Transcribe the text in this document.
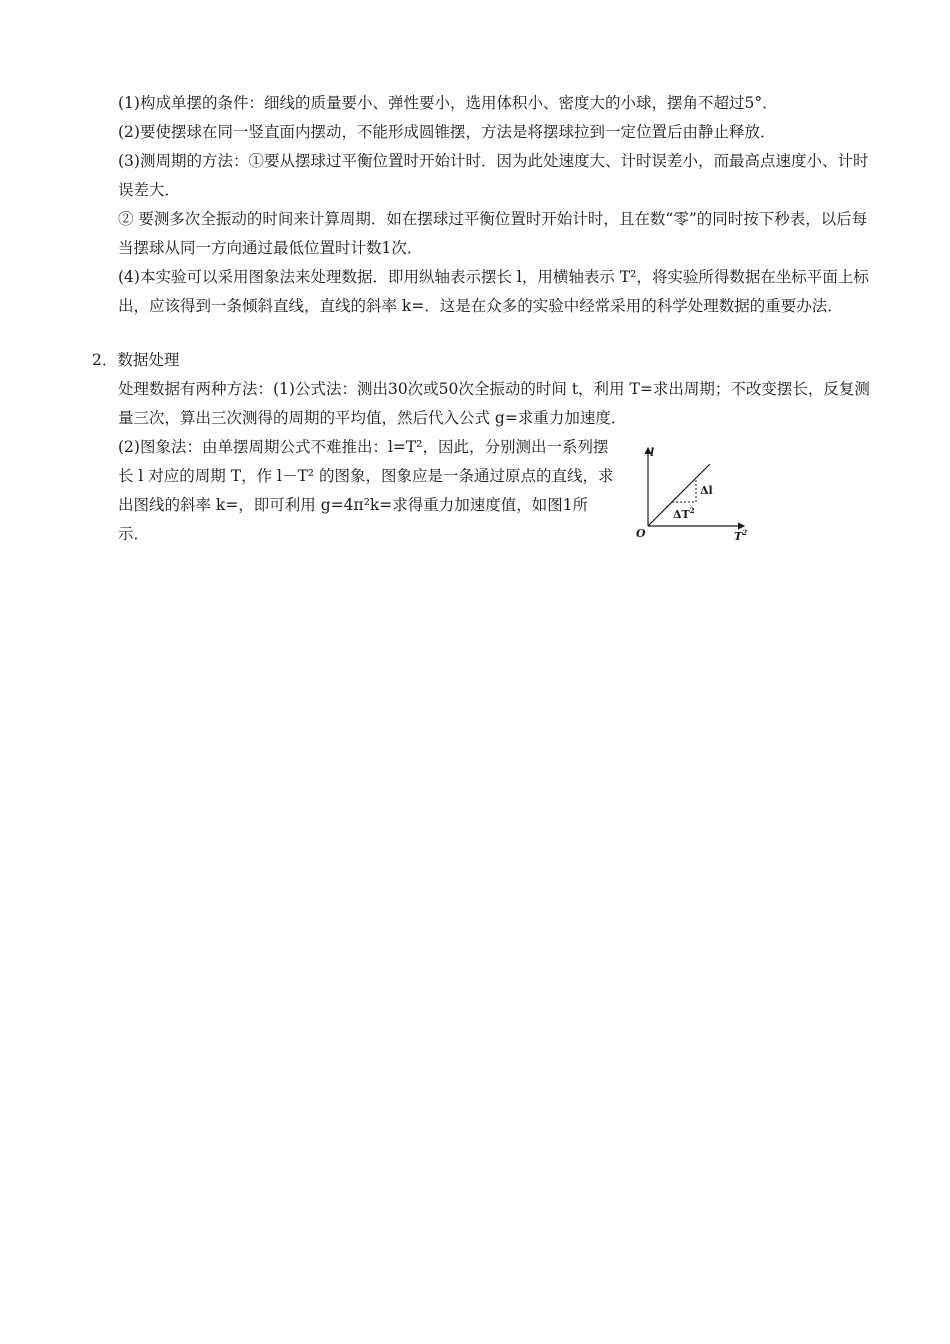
(1)构成单摆的条件：细线的质量要小、弹性要小，选用体积小、密度大的小球，摆角不超过5°．

(2)要使摆球在同一竖直面内摆动，不能形成圆锥摆，方法是将摆球拉到一定位置后由静止释放．

(3)测周期的方法：①要从摆球过平衡位置时开始计时．因为此处速度大、计时误差小，而最高点速度小、计时误差大．

② 要测多次全振动的时间来计算周期．如在摆球过平衡位置时开始计时，且在数“零”的同时按下秒表，以后每当摆球从同一方向通过最低位置时计数1次．

(4)本实验可以采用图象法来处理数据．即用纵轴表示摆长 l，用横轴表示 T²，将实验所得数据在坐标平面上标出，应该得到一条倾斜直线，直线的斜率 k=．这是在众多的实验中经常采用的科学处理数据的重要办法．

2．数据处理

处理数据有两种方法：(1)公式法：测出30次或50次全振动的时间 t，利用 T=求出周期；不改变摆长，反复测量三次，算出三次测得的周期的平均值，然后代入公式 g=求重力加速度．

(2)图象法：由单摆周期公式不难推出：l=T²，因此，分别测出一系列摆长 l 对应的周期 T，作 l－T² 的图象，图象应是一条通过原点的直线，求出图线的斜率 k=，即可利用 g=4π²k=求得重力加速度值，如图1所示．

l
$T^2$
O
Δl
$\Delta T^2$
